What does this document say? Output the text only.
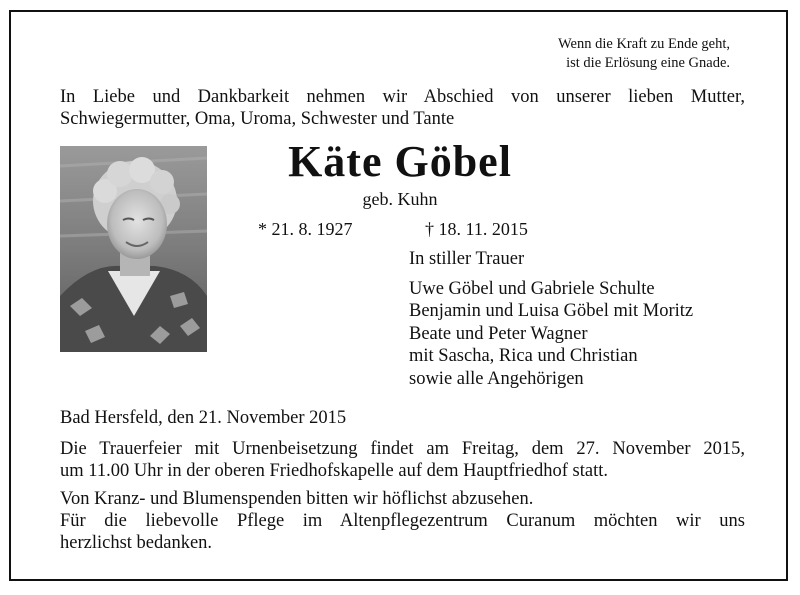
Wenn die Kraft zu Ende geht,
ist die Erlösung eine Gnade.
In Liebe und Dankbarkeit nehmen wir Abschied von unserer lieben Mutter,
Schwiegermutter, Oma, Uroma, Schwester und Tante
Käte Göbel
geb. Kuhn
* 21. 8. 1927	† 18. 11. 2015
In stiller Trauer
Uwe Göbel und Gabriele Schulte
Benjamin und Luisa Göbel mit Moritz
Beate und Peter Wagner
mit Sascha, Rica und Christian
sowie alle Angehörigen
Bad Hersfeld, den 21. November 2015
Die Trauerfeier mit Urnenbeisetzung findet am Freitag, dem 27. November 2015,
um 11.00 Uhr in der oberen Friedhofskapelle auf dem Hauptfriedhof statt.
Von Kranz- und Blumenspenden bitten wir höflichst abzusehen.
Für die liebevolle Pflege im Altenpflegezentrum Curanum möchten wir uns
herzlichst bedanken.
